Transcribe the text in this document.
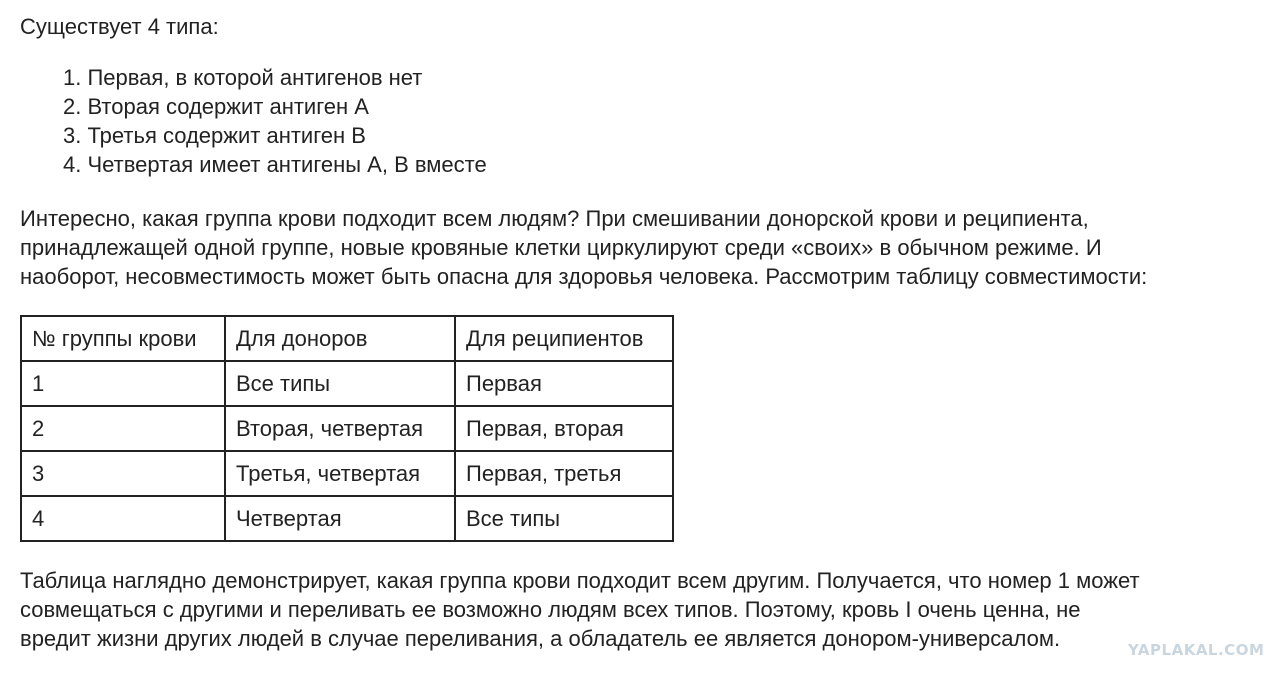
Существует 4 типа:

1. Первая, в которой антигенов нет
2. Вторая содержит антиген А
3. Третья содержит антиген В
4. Четвертая имеет антигены А, В вместе
Интересно, какая группа крови подходит всем людям? При смешивании донорской крови и реципиента,
принадлежащей одной группе, новые кровяные клетки циркулируют среди «своих» в обычном режиме. И
наоборот, несовместимость может быть опасна для здоровья человека. Рассмотрим таблицу совместимости:
№ группы крови	Для доноров	Для реципиентов
1	Все типы	Первая
2	Вторая, четвертая	Первая, вторая
3	Третья, четвертая	Первая, третья
4	Четвертая	Все типы
Таблица наглядно демонстрирует, какая группа крови подходит всем другим. Получается, что номер 1 может
совмещаться с другими и переливать ее возможно людям всех типов. Поэтому, кровь I очень ценна, не
вредит жизни других людей в случае переливания, а обладатель ее является донором-универсалом.	YAPLAKAL.COM
